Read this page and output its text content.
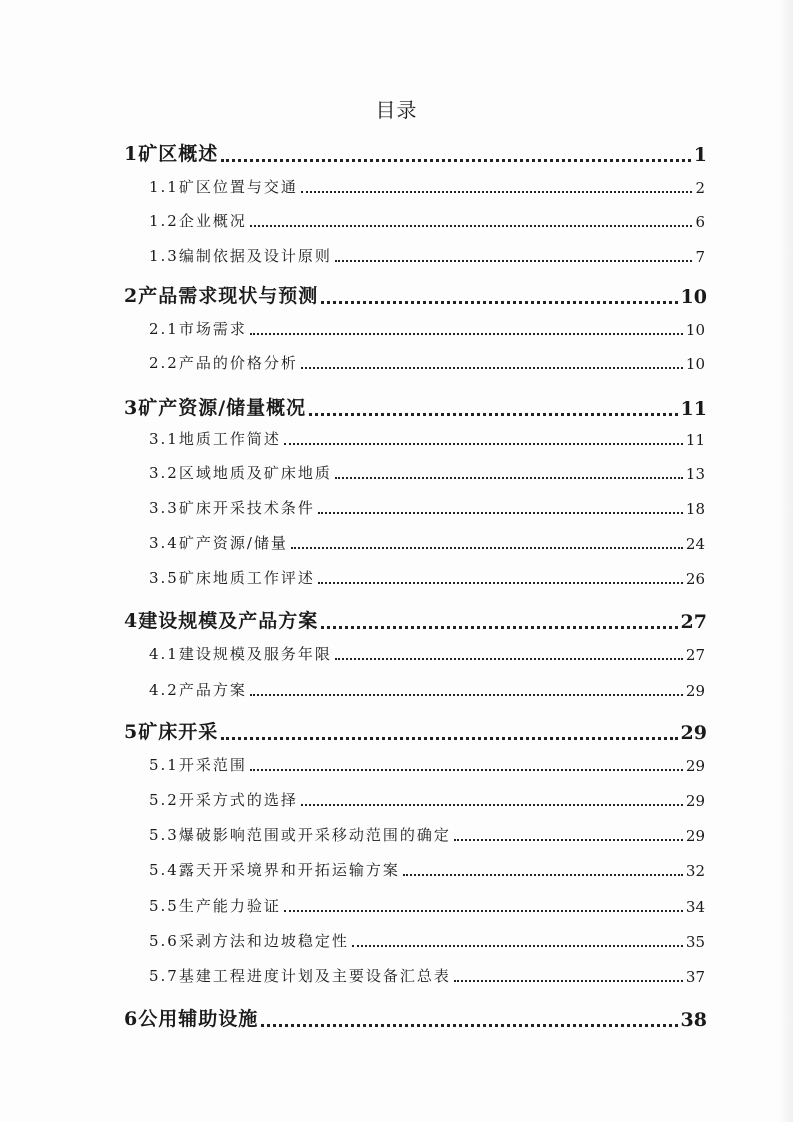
目录
1矿区概述	1
1.1矿区位置与交通	2
1.2企业概况	6
1.3编制依据及设计原则	7
2产品需求现状与预测	10
2.1市场需求	10
2.2产品的价格分析	10
3矿产资源/储量概况	11
3.1地质工作简述	11
3.2区域地质及矿床地质	13
3.3矿床开采技术条件	18
3.4矿产资源/储量	24
3.5矿床地质工作评述	26
4建设规模及产品方案	27
4.1建设规模及服务年限	27
4.2产品方案	29
5矿床开采	29
5.1开采范围	29
5.2开采方式的选择	29
5.3爆破影响范围或开采移动范围的确定	29
5.4露天开采境界和开拓运输方案	32
5.5生产能力验证	34
5.6采剥方法和边坡稳定性	35
5.7基建工程进度计划及主要设备汇总表	37
6公用辅助设施	38
